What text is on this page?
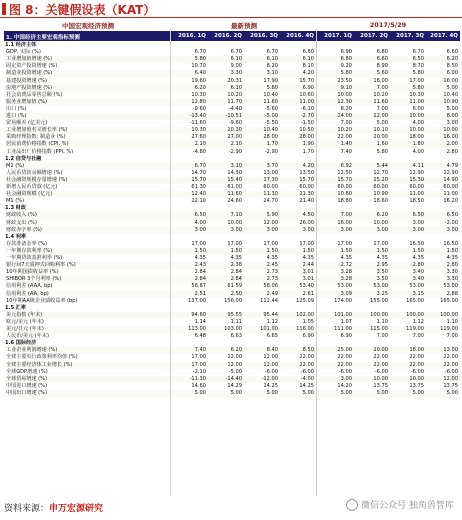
图 8：关键假设表（KAT）
中国宏观经济预测	最新预测	2017/5/29
1. 中国经济主要宏观指标预测	2016. 1Q	2016. 2Q	2016. 3Q	2016. 4Q	2017. 1Q	2017. 2Q	2017. 3Q	2017. 4Q
1.1 经济主体
GDP, 实际 (%)	6.70	6.70	6.70	6.80	6.90	6.80	6.70	6.60
工业增加值增速 (%)	5.80	6.10	6.10	6.10	6.80	6.60	6.50	6.20
固定资产投资增速 (%)	10.70	9.00	8.20	8.10	9.20	8.90	8.70	8.50
制造业投资增速 (%)	6.40	3.30	3.10	4.20	5.80	5.60	5.80	6.00
基建投资增速 (%)	19.60	20.31	17.90	15.70	23.50	18.00	17.00	16.00
房地产投资增速 (%)	6.20	6.10	5.80	6.90	9.10	7.00	5.80	5.00
社会消费品零售总额 (%)	10.30	10.20	10.40	10.60	10.00	10.20	10.30	10.40
服务业增加值 (%)	12.80	11.70	11.60	11.00	12.30	11.60	11.00	10.90
出口 (%)	-9.60	-4.40	-5.60	-6.10	8.20	7.00	6.00	5.00
进口 (%)	-13.40	-10.51	-5.00	-2.70	24.00	12.00	10.00	8.00
贸易顺差 (亿美元)	-11.60	-9.60	-5.50	-1.50	7.00	5.00	4.00	3.00
工业增加值名义增长率 (%)	10.30	10.30	10.40	10.50	10.20	10.10	10.00	10.00
采购经理指数: 制造业 (%)	27.60	27.00	28.00	28.00	22.00	20.00	18.00	16.00
居民消费价格指数 (CPI, %)	2.10	2.10	1.70	1.90	1.40	1.60	1.80	2.00
工业品出厂价格指数 (PPI, %)	-4.80	-2.90	-2.90	1.70	7.40	5.80	4.00	2.80
1.2 信贷与社融
M2 (%)	6.70	3.10	3.70	4.20	6.92	5.44	4.11	4.79
人民币贷款余额增速 (%)	14.70	14.30	13.00	13.50	12.50	12.70	12.90	12.90
社会融资规模存量增速 (%)	15.70	15.40	17.30	15.70	15.70	15.20	15.30	14.90
新增人民币贷款 (亿元)	61.30	61.00	60.00	60.00	60.00	60.00	60.00	60.00
社会融资规模 (亿元)	12.40	11.60	11.30	11.30	10.60	10.90	11.00	11.00
M1 (%)	22.10	24.60	24.70	21.40	18.80	18.60	18.50	16.20
1.3 财政
财政收入 (%)	6.50	7.10	5.90	4.50	7.00	6.20	6.50	6.50
财政支出 (%)	4.00	10.00	12.00	26.00	16.00	10.00	3.00	-2.00
财政赤字率 (%)	3.00	3.00	3.00	3.00	3.00	3.00	3.00	3.00
1.4 利率
存款准备金率 (%)	17.00	17.00	17.00	17.00	17.00	17.00	16.50	16.50
一年期存款利率 (%)	1.50	1.50	1.50	1.50	1.50	1.50	1.50	1.50
一年期贷款基准利率 (%)	4.35	4.35	4.35	4.35	4.35	4.35	4.35	4.35
银行间7天质押式回购利率 (%)	2.43	2.38	2.45	2.44	2.72	2.95	2.80	2.80
10年期国债收益率 (%)	2.84	2.84	2.73	3.01	3.28	3.50	3.40	3.30
SHIBOR 3个月利率 (%)	2.84	2.84	2.73	3.01	3.28	3.50	3.40	3.30
信用利差 (AAA, bp)	56.87	61.59	58.06	53.40	53.00	53.00	53.00	53.00
信用利差 (AA, bp)	2.51	2.50	2.49	2.61	3.09	3.25	3.15	2.88
10年期AA级企业债收益率 (bp)	137.00	156.00	112.44	125.09	174.00	155.00	165.00	165.00
1.5 汇率
美元指数 (年末)	94.60	95.55	95.44	102.00	101.00	100.00	100.00	100.00
欧元/美元 (年末)	1.14	1.11	1.12	1.05	1.07	1.10	1.12	1.10
美元/日元 (年末)	113.00	103.00	101.00	116.00	111.00	115.00	119.00	119.00
人民币/美元 (年末)	6.48	6.63	6.65	6.90	6.90	7.00	7.00	7.00
1.6 国际经济
工业企业利润增速 (%)	7.40	6.20	8.40	8.50	25.00	20.00	18.00	13.00
全球主要央行政策利率均值 (%)	17.00	12.00	12.00	22.00	22.00	22.00	22.00	22.00
全球主要经济体工业增长 (%)	17.00	12.00	12.00	22.00	22.00	22.00	22.00	22.00
全球GDP增速 (%)	-2.10	-5.00	-6.00	-6.00	-6.00	-6.00	-6.00	-6.00
全球贸易增速 (%)	-11.30	-14.40	-12.00	-4.00	3.00	10.00	10.00	12.00
中国进口增速 (%)	14.60	14.29	14.25	14.25	14.20	13.75	13.75	13.75
中国出口增速 (%)	5.00	5.00	5.00	5.00	5.00	5.00	5.00	5.00
资料来源：申万宏源研究	微信公众号 独角兽智库
